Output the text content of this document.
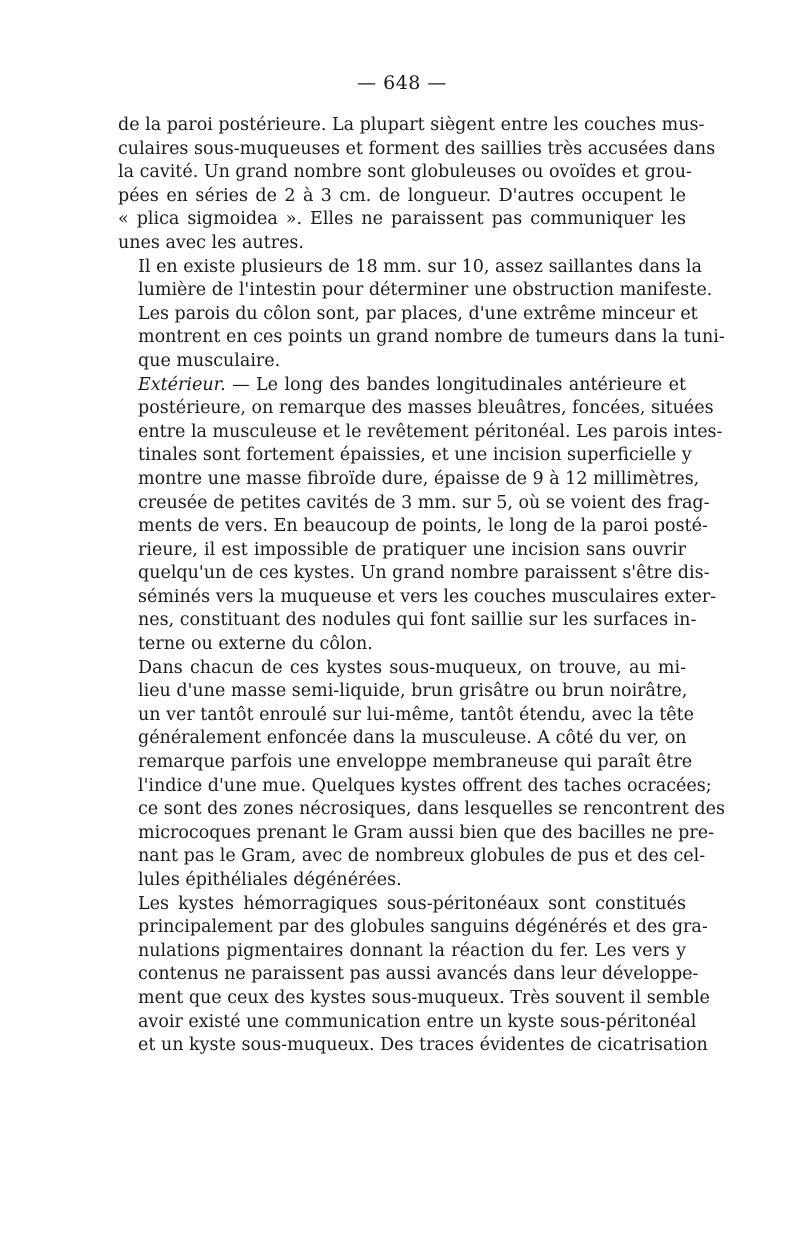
— 648 —

de la paroi postérieure. La plupart siègent entre les couches mus-
culaires sous-muqueuses et forment des saillies très accusées dans
la cavité. Un grand nombre sont globuleuses ou ovoïdes et grou-
pées en séries de 2 à 3 cm. de longueur. D'autres occupent le
« plica sigmoidea ». Elles ne paraissent pas communiquer les
unes avec les autres.

Il en existe plusieurs de 18 mm. sur 10, assez saillantes dans la
lumière de l'intestin pour déterminer une obstruction manifeste.
Les parois du côlon sont, par places, d'une extrême minceur et
montrent en ces points un grand nombre de tumeurs dans la tuni-
que musculaire.

Extérieur. — Le long des bandes longitudinales antérieure et
postérieure, on remarque des masses bleuâtres, foncées, situées
entre la musculeuse et le revêtement péritonéal. Les parois intes-
tinales sont fortement épaissies, et une incision superficielle y
montre une masse fibroïde dure, épaisse de 9 à 12 millimètres,
creusée de petites cavités de 3 mm. sur 5, où se voient des frag-
ments de vers. En beaucoup de points, le long de la paroi posté-
rieure, il est impossible de pratiquer une incision sans ouvrir
quelqu'un de ces kystes. Un grand nombre paraissent s'être dis-
séminés vers la muqueuse et vers les couches musculaires exter-
nes, constituant des nodules qui font saillie sur les surfaces in-
terne ou externe du côlon.

Dans chacun de ces kystes sous-muqueux, on trouve, au mi-
lieu d'une masse semi-liquide, brun grisâtre ou brun noirâtre,
un ver tantôt enroulé sur lui-même, tantôt étendu, avec la tête
généralement enfoncée dans la musculeuse. A côté du ver, on
remarque parfois une enveloppe membraneuse qui paraît être
l'indice d'une mue. Quelques kystes offrent des taches ocracées;
ce sont des zones nécrosiques, dans lesquelles se rencontrent des
microcoques prenant le Gram aussi bien que des bacilles ne pre-
nant pas le Gram, avec de nombreux globules de pus et des cel-
lules épithéliales dégénérées.

Les kystes hémorragiques sous-péritonéaux sont constitués
principalement par des globules sanguins dégénérés et des gra-
nulations pigmentaires donnant la réaction du fer. Les vers y
contenus ne paraissent pas aussi avancés dans leur développe-
ment que ceux des kystes sous-muqueux. Très souvent il semble
avoir existé une communication entre un kyste sous-péritonéal
et un kyste sous-muqueux. Des traces évidentes de cicatrisation
